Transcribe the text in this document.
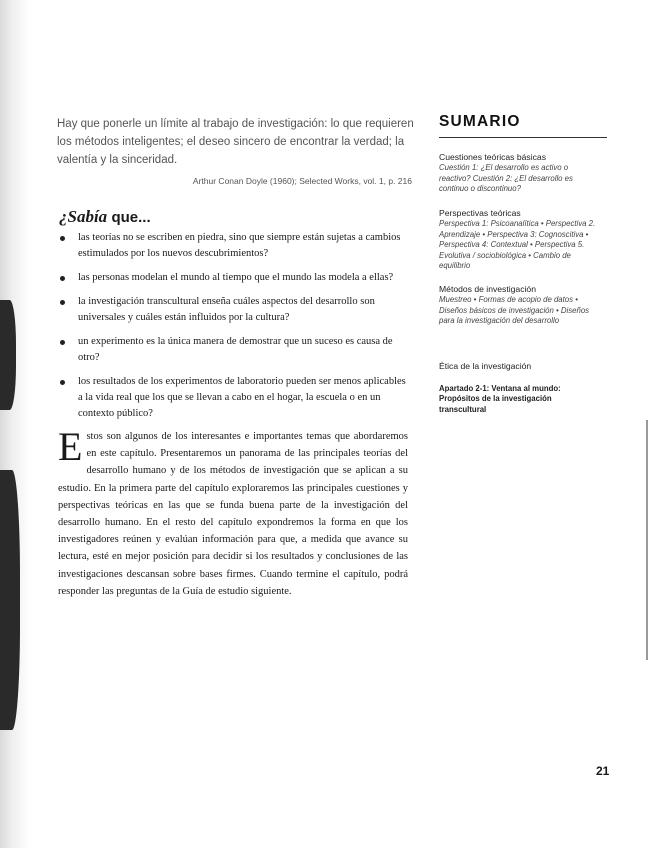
Hay que ponerle un límite al trabajo de investigación: lo que requieren los métodos inteligentes; el deseo sincero de encontrar la verdad; la valentía y la sinceridad.
Arthur Conan Doyle (1960); Selected Works, vol. 1, p. 216
¿Sabía que...
las teorías no se escriben en piedra, sino que siempre están sujetas a cambios estimulados por los nuevos descubrimientos?
las personas modelan el mundo al tiempo que el mundo las modela a ellas?
la investigación transcultural enseña cuáles aspectos del desarrollo son universales y cuáles están influidos por la cultura?
un experimento es la única manera de demostrar que un suceso es causa de otro?
los resultados de los experimentos de laboratorio pueden ser menos aplicables a la vida real que los que se llevan a cabo en el hogar, la escuela o en un contexto público?
Estos son algunos de los interesantes e importantes temas que abordaremos en este capítulo. Presentaremos un panorama de las principales teorías del desarrollo humano y de los métodos de investigación que se aplican a su estudio. En la primera parte del capítulo exploraremos las principales cuestiones y perspectivas teóricas en las que se funda buena parte de la investigación del desarrollo humano. En el resto del capítulo expondremos la forma en que los investigadores reúnen y evalúan información para que, a medida que avance su lectura, esté en mejor posición para decidir si los resultados y conclusiones de las investigaciones descansan sobre bases firmes. Cuando termine el capítulo, podrá responder las preguntas de la Guía de estudio siguiente.
SUMARIO
Cuestiones teóricas básicas
Cuestión 1: ¿El desarrollo es activo o reactivo? Cuestión 2: ¿El desarrollo es continuo o discontinuo?
Perspectivas teóricas
Perspectiva 1: Psicoanalítica • Perspectiva 2. Aprendizaje • Perspectiva 3: Cognoscitiva • Perspectiva 4: Contextual • Perspectiva 5. Evolutiva / sociobiológica • Cambio de equilibrio
Métodos de investigación
Muestreo • Formas de acopio de datos • Diseños básicos de investigación • Diseños para la investigación del desarrollo
Ética de la investigación
Apartado 2-1: Ventana al mundo: Propósitos de la investigación transcultural
21
